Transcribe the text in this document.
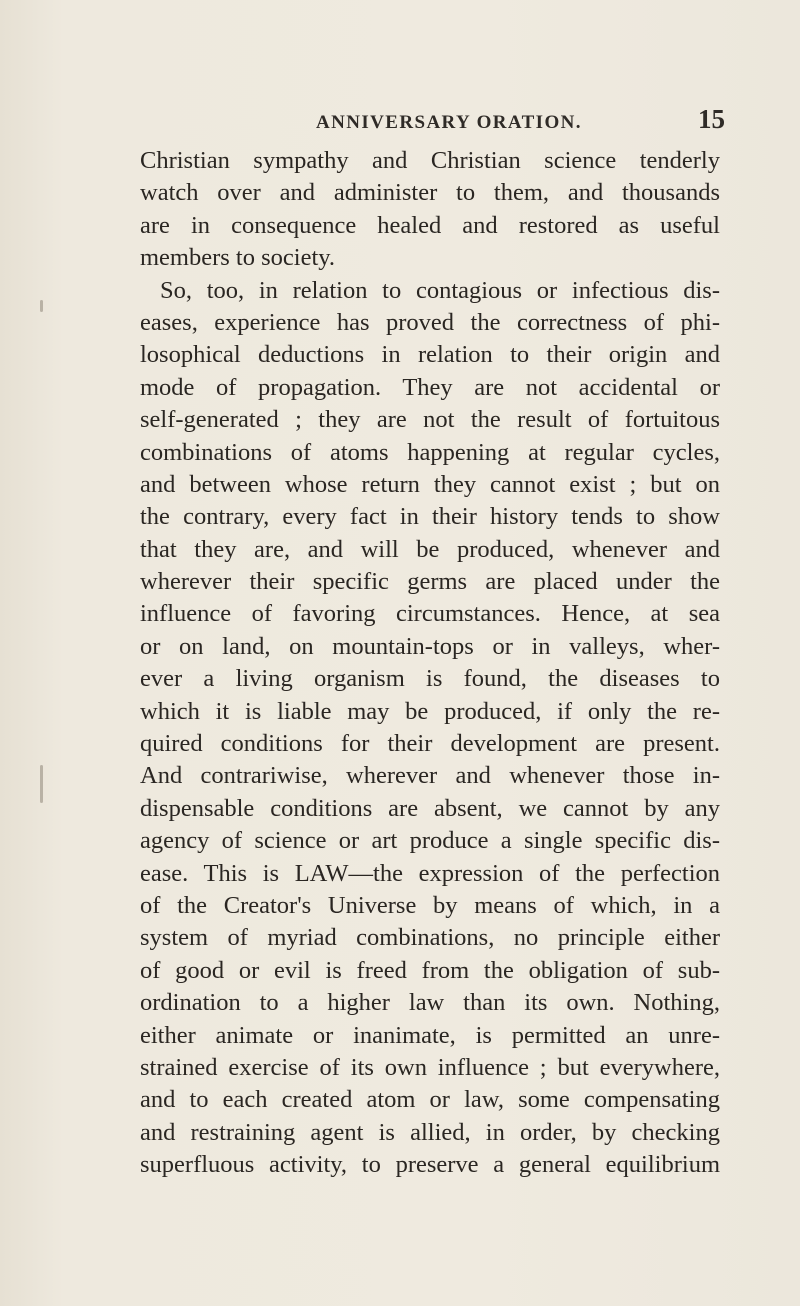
ANNIVERSARY ORATION.	15
Christian sympathy and Christian science tenderly
watch over and administer to them, and thousands
are in consequence healed and restored as useful
members to society.
So, too, in relation to contagious or infectious dis-
eases, experience has proved the correctness of phi-
losophical deductions in relation to their origin and
mode of propagation. They are not accidental or
self-generated ; they are not the result of fortuitous
combinations of atoms happening at regular cycles,
and between whose return they cannot exist ; but on
the contrary, every fact in their history tends to show
that they are, and will be produced, whenever and
wherever their specific germs are placed under the
influence of favoring circumstances. Hence, at sea
or on land, on mountain-tops or in valleys, wher-
ever a living organism is found, the diseases to
which it is liable may be produced, if only the re-
quired conditions for their development are present.
And contrariwise, wherever and whenever those in-
dispensable conditions are absent, we cannot by any
agency of science or art produce a single specific dis-
ease. This is LAW—the expression of the perfection
of the Creator's Universe by means of which, in a
system of myriad combinations, no principle either
of good or evil is freed from the obligation of sub-
ordination to a higher law than its own. Nothing,
either animate or inanimate, is permitted an unre-
strained exercise of its own influence ; but everywhere,
and to each created atom or law, some compensating
and restraining agent is allied, in order, by checking
superfluous activity, to preserve a general equilibrium
